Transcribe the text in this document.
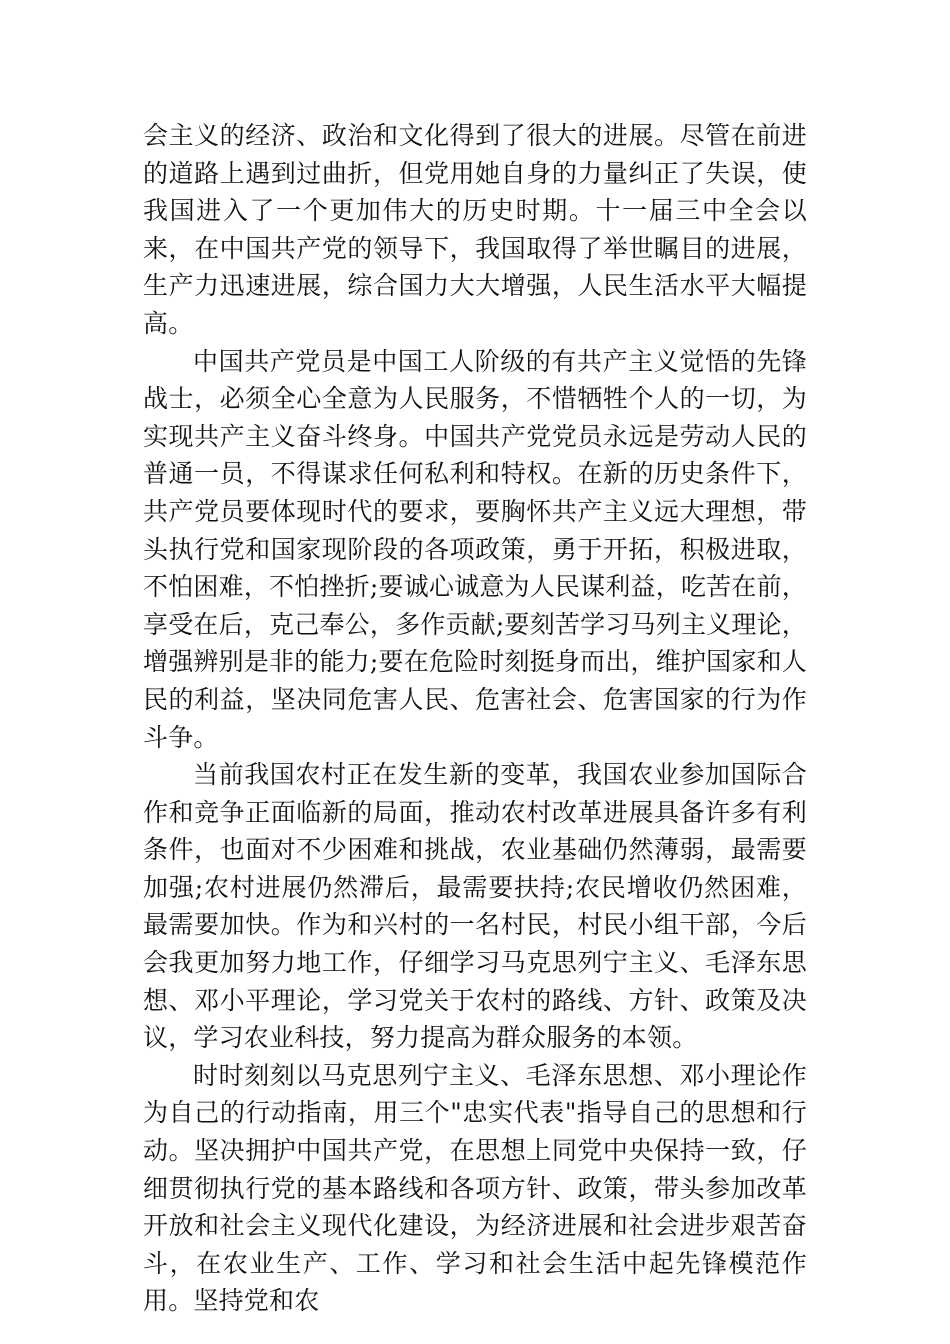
会主义的经济、政治和文化得到了很大的进展。尽管在前进的道路上遇到过曲折，但党用她自身的力量纠正了失误，使我国进入了一个更加伟大的历史时期。十一届三中全会以来，在中国共产党的领导下，我国取得了举世瞩目的进展，生产力迅速进展，综合国力大大增强，人民生活水平大幅提高。

中国共产党员是中国工人阶级的有共产主义觉悟的先锋战士，必须全心全意为人民服务，不惜牺牲个人的一切，为实现共产主义奋斗终身。中国共产党党员永远是劳动人民的普通一员，不得谋求任何私利和特权。在新的历史条件下，共产党员要体现时代的要求，要胸怀共产主义远大理想，带头执行党和国家现阶段的各项政策，勇于开拓，积极进取，不怕困难，不怕挫折;要诚心诚意为人民谋利益，吃苦在前，享受在后，克己奉公，多作贡献;要刻苦学习马列主义理论，增强辨别是非的能力;要在危险时刻挺身而出，维护国家和人民的利益，坚决同危害人民、危害社会、危害国家的行为作斗争。

当前我国农村正在发生新的变革，我国农业参加国际合作和竞争正面临新的局面，推动农村改革进展具备许多有利条件，也面对不少困难和挑战，农业基础仍然薄弱，最需要加强;农村进展仍然滞后，最需要扶持;农民增收仍然困难，最需要加快。作为和兴村的一名村民，村民小组干部，今后会我更加努力地工作，仔细学习马克思列宁主义、毛泽东思想、邓小平理论，学习党关于农村的路线、方针、政策及决议，学习农业科技，努力提高为群众服务的本领。

时时刻刻以马克思列宁主义、毛泽东思想、邓小理论作为自己的行动指南，用三个"忠实代表"指导自己的思想和行动。坚决拥护中国共产党，在思想上同党中央保持一致，仔细贯彻执行党的基本路线和各项方针、政策，带头参加改革开放和社会主义现代化建设，为经济进展和社会进步艰苦奋斗，在农业生产、工作、学习和社会生活中起先锋模范作用。坚持党和农
